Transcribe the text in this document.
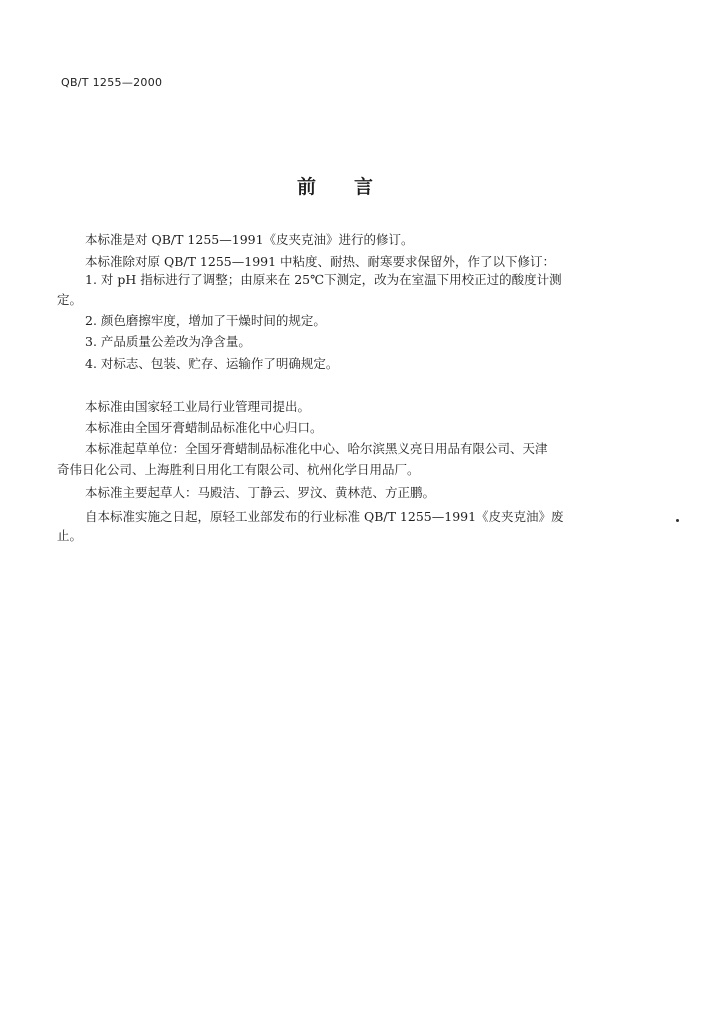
QB/T 1255—2000
前言
本标准是对 QB/T 1255—1991《皮夹克油》进行的修订。
本标准除对原 QB/T 1255—1991 中粘度、耐热、耐寒要求保留外，作了以下修订：
1. 对 pH 指标进行了调整；由原来在 25℃下测定，改为在室温下用校正过的酸度计测
定。
2. 颜色磨擦牢度，增加了干燥时间的规定。
3. 产品质量公差改为净含量。
4. 对标志、包装、贮存、运输作了明确规定。
本标准由国家轻工业局行业管理司提出。
本标准由全国牙膏蜡制品标准化中心归口。
本标准起草单位：全国牙膏蜡制品标准化中心、哈尔滨黑义亮日用品有限公司、天津
奇伟日化公司、上海胜利日用化工有限公司、杭州化学日用品厂。
本标准主要起草人：马殿洁、丁静云、罗汶、黄林范、方正鹏。
自本标准实施之日起，原轻工业部发布的行业标准 QB/T 1255—1991《皮夹克油》废
止。
